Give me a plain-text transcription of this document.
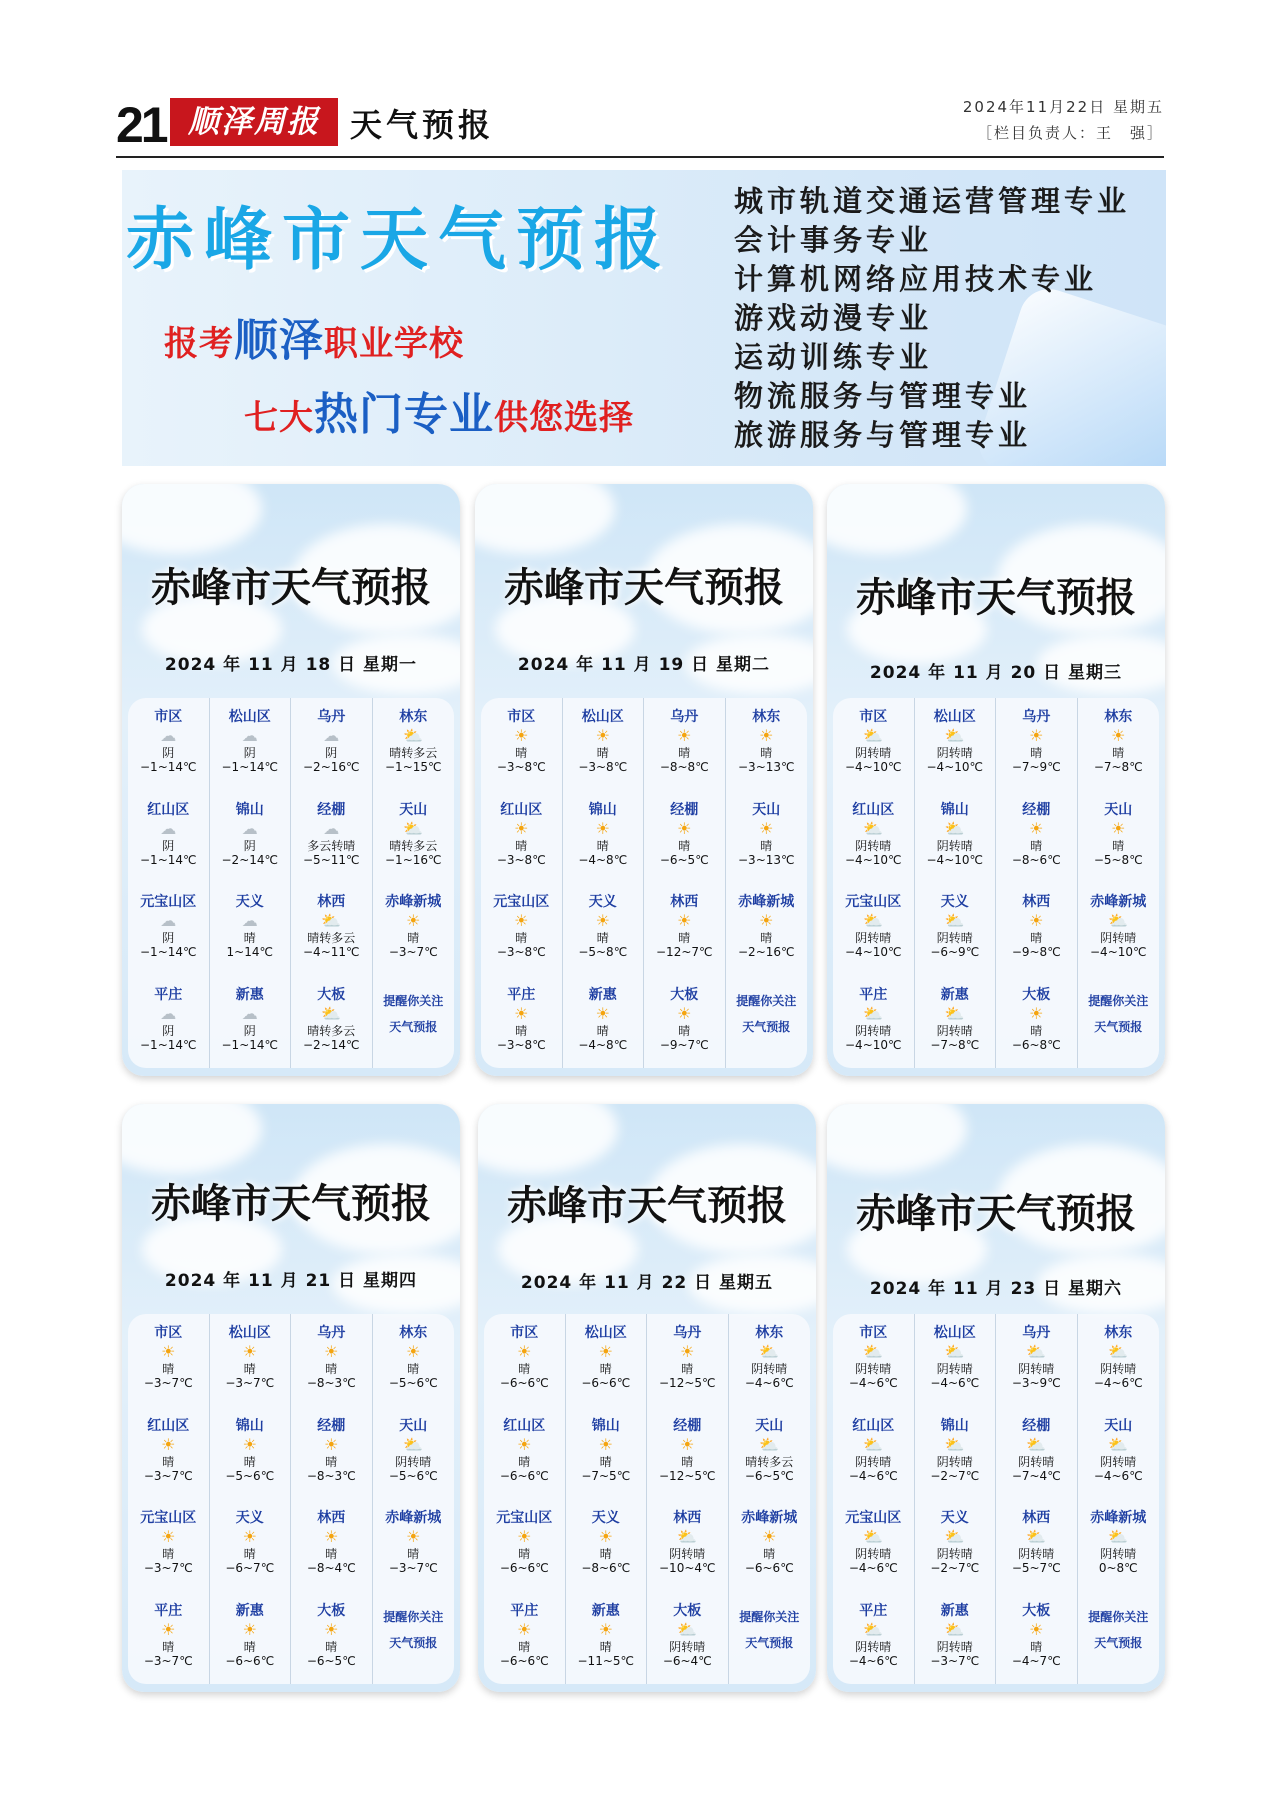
21 顺泽周报 天气预报	2024年11月22日 星期五
［栏目负责人：王　强］
赤峰市天气预报
报考顺泽职业学校
七大热门专业供您选择
城市轨道交通运营管理专业
会计事务专业
计算机网络应用技术专业
游戏动漫专业
运动训练专业
物流服务与管理专业
旅游服务与管理专业
赤峰市天气预报
2024 年 11 月 18 日 星期一
市区
☁
阴
−1~14℃
松山区
☁
阴
−1~14℃
乌丹
☁
阴
−2~16℃
林东
⛅
晴转多云
−1~15℃
红山区
☁
阴
−1~14℃
锦山
☁
阴
−2~14℃
经棚
☁
多云转晴
−5~11℃
天山
⛅
晴转多云
−1~16℃
元宝山区
☁
阴
−1~14℃
天义
☁
晴
1~14℃
林西
⛅
晴转多云
−4~11℃
赤峰新城
☀
晴
−3~7℃
平庄
☁
阴
−1~14℃
新惠
☁
阴
−1~14℃
大板
⛅
晴转多云
−2~14℃
提醒你关注
天气预报
赤峰市天气预报
2024 年 11 月 19 日 星期二
市区
☀
晴
−3~8℃
松山区
☀
晴
−3~8℃
乌丹
☀
晴
−8~8℃
林东
☀
晴
−3~13℃
红山区
☀
晴
−3~8℃
锦山
☀
晴
−4~8℃
经棚
☀
晴
−6~5℃
天山
☀
晴
−3~13℃
元宝山区
☀
晴
−3~8℃
天义
☀
晴
−5~8℃
林西
☀
晴
−12~7℃
赤峰新城
☀
晴
−2~16℃
平庄
☀
晴
−3~8℃
新惠
☀
晴
−4~8℃
大板
☀
晴
−9~7℃
提醒你关注
天气预报
赤峰市天气预报
2024 年 11 月 20 日 星期三
市区
⛅
阴转晴
−4~10℃
松山区
⛅
阴转晴
−4~10℃
乌丹
☀
晴
−7~9℃
林东
☀
晴
−7~8℃
红山区
⛅
阴转晴
−4~10℃
锦山
⛅
阴转晴
−4~10℃
经棚
☀
晴
−8~6℃
天山
☀
晴
−5~8℃
元宝山区
⛅
阴转晴
−4~10℃
天义
⛅
阴转晴
−6~9℃
林西
☀
晴
−9~8℃
赤峰新城
⛅
阴转晴
−4~10℃
平庄
⛅
阴转晴
−4~10℃
新惠
⛅
阴转晴
−7~8℃
大板
☀
晴
−6~8℃
提醒你关注
天气预报
赤峰市天气预报
2024 年 11 月 21 日 星期四
市区
☀
晴
−3~7℃
松山区
☀
晴
−3~7℃
乌丹
☀
晴
−8~3℃
林东
☀
晴
−5~6℃
红山区
☀
晴
−3~7℃
锦山
☀
晴
−5~6℃
经棚
☀
晴
−8~3℃
天山
⛅
阴转晴
−5~6℃
元宝山区
☀
晴
−3~7℃
天义
☀
晴
−6~7℃
林西
☀
晴
−8~4℃
赤峰新城
☀
晴
−3~7℃
平庄
☀
晴
−3~7℃
新惠
☀
晴
−6~6℃
大板
☀
晴
−6~5℃
提醒你关注
天气预报
赤峰市天气预报
2024 年 11 月 22 日 星期五
市区
☀
晴
−6~6℃
松山区
☀
晴
−6~6℃
乌丹
☀
晴
−12~5℃
林东
⛅
阴转晴
−4~6℃
红山区
☀
晴
−6~6℃
锦山
☀
晴
−7~5℃
经棚
☀
晴
−12~5℃
天山
⛅
晴转多云
−6~5℃
元宝山区
☀
晴
−6~6℃
天义
☀
晴
−8~6℃
林西
⛅
阴转晴
−10~4℃
赤峰新城
☀
晴
−6~6℃
平庄
☀
晴
−6~6℃
新惠
☀
晴
−11~5℃
大板
⛅
阴转晴
−6~4℃
提醒你关注
天气预报
赤峰市天气预报
2024 年 11 月 23 日 星期六
市区
⛅
阴转晴
−4~6℃
松山区
⛅
阴转晴
−4~6℃
乌丹
⛅
阴转晴
−3~9℃
林东
⛅
阴转晴
−4~6℃
红山区
⛅
阴转晴
−4~6℃
锦山
⛅
阴转晴
−2~7℃
经棚
⛅
阴转晴
−7~4℃
天山
⛅
阴转晴
−4~6℃
元宝山区
⛅
阴转晴
−4~6℃
天义
⛅
阴转晴
−2~7℃
林西
⛅
阴转晴
−5~7℃
赤峰新城
⛅
阴转晴
0~8℃
平庄
⛅
阴转晴
−4~6℃
新惠
⛅
阴转晴
−3~7℃
大板
☀
晴
−4~7℃
提醒你关注
天气预报
